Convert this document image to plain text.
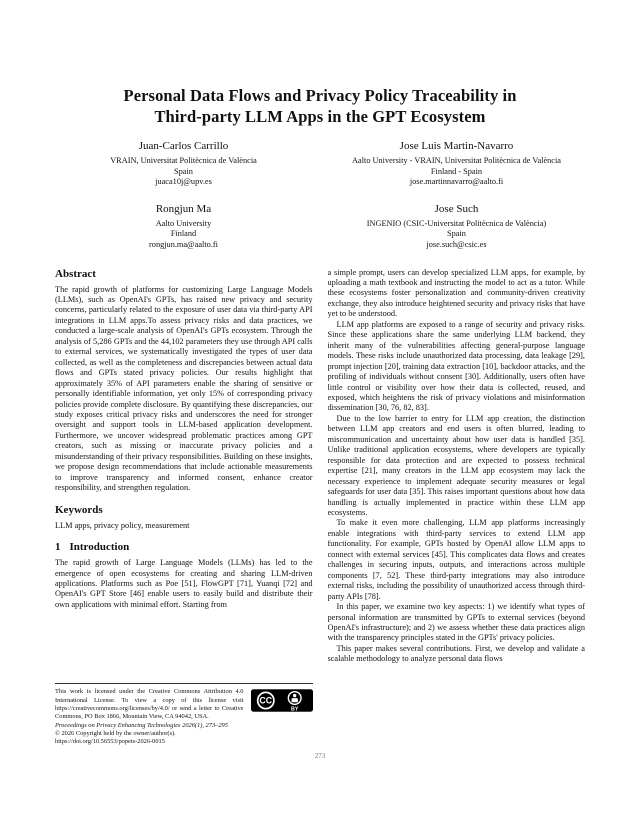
Personal Data Flows and Privacy Policy Traceability in
Third-party LLM Apps in the GPT Ecosystem
Juan-Carlos Carrillo
VRAIN, Universitat Politècnica de València
Spain
juaca10j@upv.es
Jose Luis Martin-Navarro
Aalto University - VRAIN, Universitat Politècnica de València
Finland - Spain
jose.martinnavarro@aalto.fi
Rongjun Ma
Aalto University
Finland
rongjun.ma@aalto.fi
Jose Such
INGENIO (CSIC-Universitat Politècnica de València)
Spain
jose.such@csic.es
Abstract

The rapid growth of platforms for customizing Large Language Models (LLMs), such as OpenAI's GPTs, has raised new privacy and security concerns, particularly related to the exposure of user data via third-party API integrations in LLM apps.To assess privacy risks and data practices, we conducted a large-scale analysis of OpenAI's GPTs ecosystem. Through the analysis of 5,286 GPTs and the 44,102 parameters they use through API calls to external services, we systematically investigated the types of user data collected, as well as the completeness and discrepancies between actual data flows and GPTs stated privacy policies. Our results highlight that approximately 35% of API parameters enable the sharing of sensitive or personally identifiable information, yet only 15% of corresponding privacy policies provide complete disclosure. By quantifying these discrepancies, our study exposes critical privacy risks and underscores the need for stronger oversight and support tools in LLM-based application development. Furthermore, we uncover widespread problematic practices among GPT creators, such as missing or inaccurate privacy policies and a misunderstanding of their privacy responsibilities. Building on these insights, we propose design recommendations that include actionable measurements to improve transparency and informed consent, enhance creator responsibility, and strengthen regulation.

Keywords

LLM apps, privacy policy, measurement

1 Introduction

The rapid growth of Large Language Models (LLMs) has led to the emergence of open ecosystems for creating and sharing LLM-driven applications. Platforms such as Poe [51], FlowGPT [71], Yuanqi [72] and OpenAI's GPT Store [46] enable users to easily build and distribute their own applications with minimal effort. Starting from

CC
BY

This work is licensed under the Creative Commons Attribution 4.0 International License. To view a copy of this license visit https://creativecommons.org/licenses/by/4.0/ or send a letter to Creative Commons, PO Box 1866, Mountain View, CA 94042, USA.

Proceedings on Privacy Enhancing Technologies 2026(1), 273–295

© 2026 Copyright held by the owner/author(s).

https://doi.org/10.56553/popets-2026-0015

a simple prompt, users can develop specialized LLM apps, for example, by uploading a math textbook and instructing the model to act as a tutor. While these ecosystems foster personalization and community-driven creativity exchange, they also introduce heightened security and privacy risks that have yet to be understood.

LLM app platforms are exposed to a range of security and privacy risks. Since these applications share the same underlying LLM backend, they inherit many of the vulnerabilities affecting general-purpose language models. These risks include unauthorized data processing, data leakage [29], prompt injection [20], training data extraction [10], backdoor attacks, and the profiling of individuals without consent [30]. Additionally, users often have little control or visibility over how their data is collected, reused, and exposed, which heightens the risk of privacy violations and misinformation dissemination [30, 76, 82, 83].

Due to the low barrier to entry for LLM app creation, the distinction between LLM app creators and end users is often blurred, leading to miscommunication and uncertainty about how user data is handled [35]. Unlike traditional application ecosystems, where developers are typically responsible for data protection and are expected to possess technical expertise [21], many creators in the LLM app ecosystem may lack the necessary experience to implement adequate security measures or legal safeguards for user data [35]. This raises important questions about how data handling is actually implemented in practice within these LLM app ecosystems.

To make it even more challenging, LLM app platforms increasingly enable integrations with third-party services to extend LLM app functionality. For example, GPTs hosted by OpenAI allow LLM apps to connect with external services [45]. This complicates data flows and creates challenges in securing inputs, outputs, and interactions across multiple components [7, 52]. These third-party integrations may also introduce external risks, including the possibility of unauthorized access through third-party APIs [78].

In this paper, we examine two key aspects: 1) we identify what types of personal information are transmitted by GPTs to external services (beyond OpenAI's infrastructure); and 2) we assess whether these data practices align with the transparency principles stated in the GPTs' privacy policies.

This paper makes several contributions. First, we develop and validate a scalable methodology to analyze personal data flows

273
